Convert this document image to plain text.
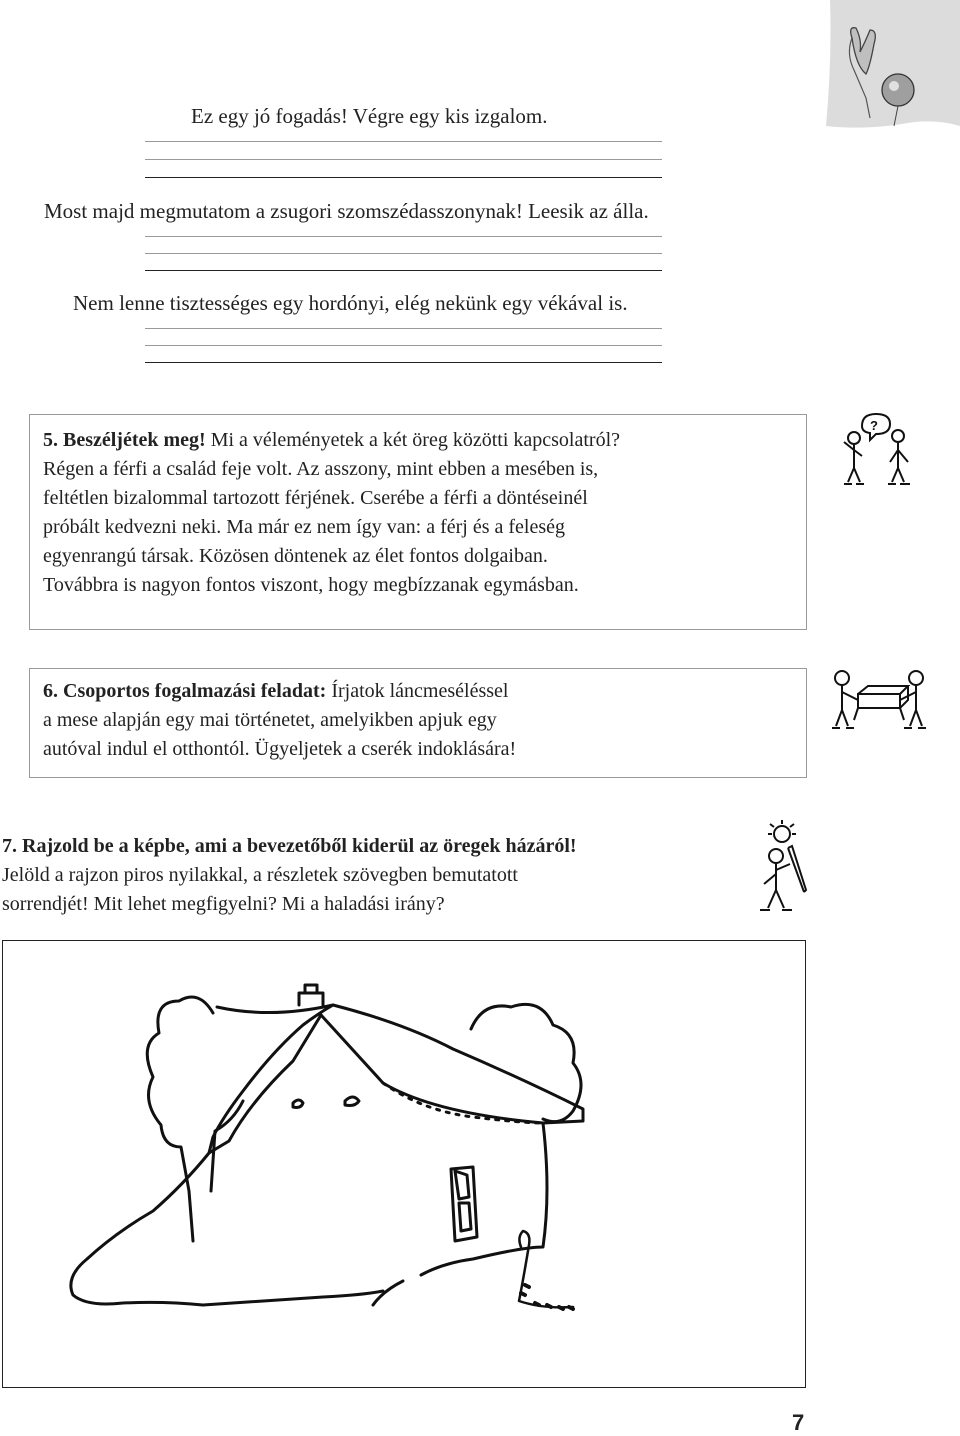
Ez egy jó fogadás! Végre egy kis izgalom.
Most majd megmutatom a zsugori szomszédasszonynak! Leesik az álla.
Nem lenne tisztességes egy hordónyi, elég nekünk egy vékával is.

5. Beszéljétek meg! Mi a véleményetek a két öreg közötti kapcsolatról?

Régen a férfi a család feje volt. Az asszony, mint ebben a mesében is,

feltétlen bizalommal tartozott férjének. Cserébe a férfi a döntéseinél

próbált kedvezni neki. Ma már ez nem így van: a férj és a feleség

egyenrangú társak. Közösen döntenek az élet fontos dolgaiban.

Továbbra is nagyon fontos viszont, hogy megbízzanak egymásban.

?

6. Csoportos fogalmazási feladat: Írjatok láncmeséléssel

a mese alapján egy mai történetet, amelyikben apjuk egy

autóval indul el otthontól. Ügyeljetek a cserék indoklására!

7. Rajzold be a képbe, ami a bevezetőből kiderül az öregek házáról!

Jelöld a rajzon piros nyilakkal, a részletek szövegben bemutatott

sorrendjét! Mit lehet megfigyelni? Mi a haladási irány?

7
